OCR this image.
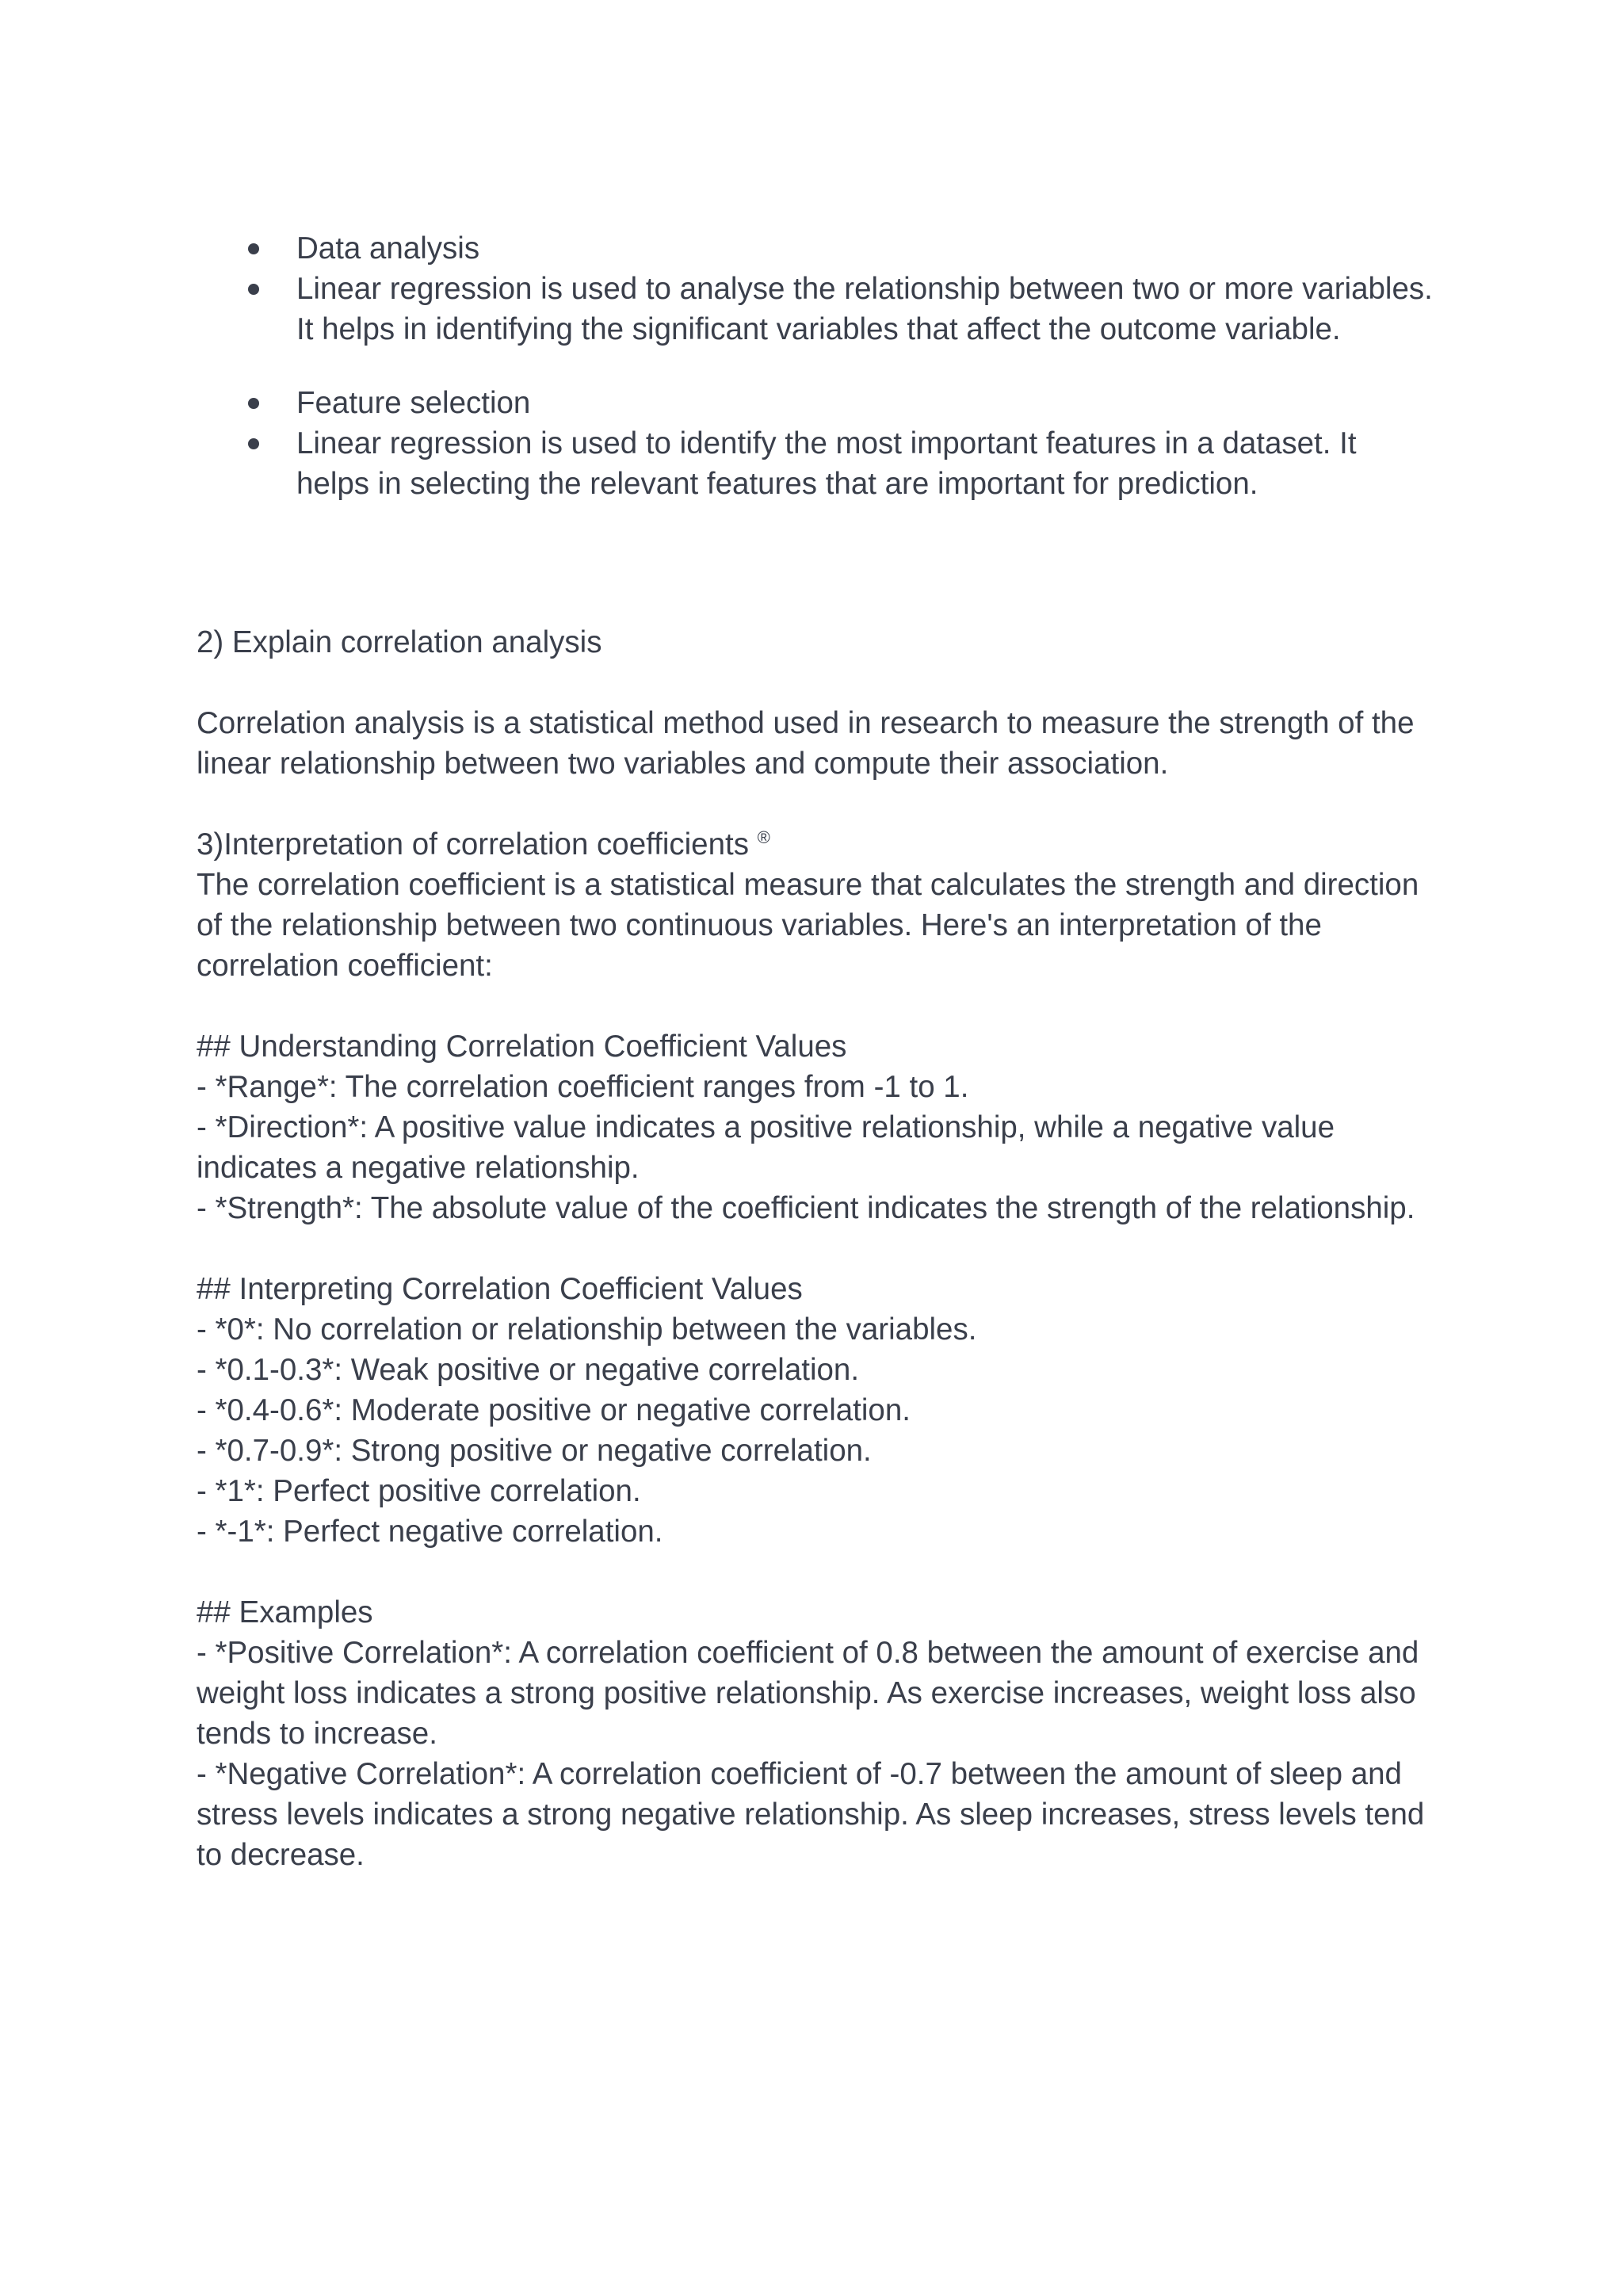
Data analysis
Linear regression is used to analyse the relationship between two or more variables. It helps in identifying the significant variables that affect the outcome variable.
Feature selection
Linear regression is used to identify the most important features in a dataset. It helps in selecting the relevant features that are important for prediction.

2) Explain correlation analysis

Correlation analysis is a statistical method used in research to measure the strength of the linear relationship between two variables and compute their association.

3)Interpretation of correlation coefficients ®

The correlation coefficient is a statistical measure that calculates the strength and direction of the relationship between two continuous variables. Here's an interpretation of the correlation coefficient:

## Understanding Correlation Coefficient Values

- *Range*: The correlation coefficient ranges from -1 to 1.

- *Direction*: A positive value indicates a positive relationship, while a negative value indicates a negative relationship.

- *Strength*: The absolute value of the coefficient indicates the strength of the relationship.

## Interpreting Correlation Coefficient Values

- *0*: No correlation or relationship between the variables.

- *0.1-0.3*: Weak positive or negative correlation.

- *0.4-0.6*: Moderate positive or negative correlation.

- *0.7-0.9*: Strong positive or negative correlation.

- *1*: Perfect positive correlation.

- *-1*: Perfect negative correlation.

## Examples

- *Positive Correlation*: A correlation coefficient of 0.8 between the amount of exercise and weight loss indicates a strong positive relationship. As exercise increases, weight loss also tends to increase.

- *Negative Correlation*: A correlation coefficient of -0.7 between the amount of sleep and stress levels indicates a strong negative relationship. As sleep increases, stress levels tend to decrease.
